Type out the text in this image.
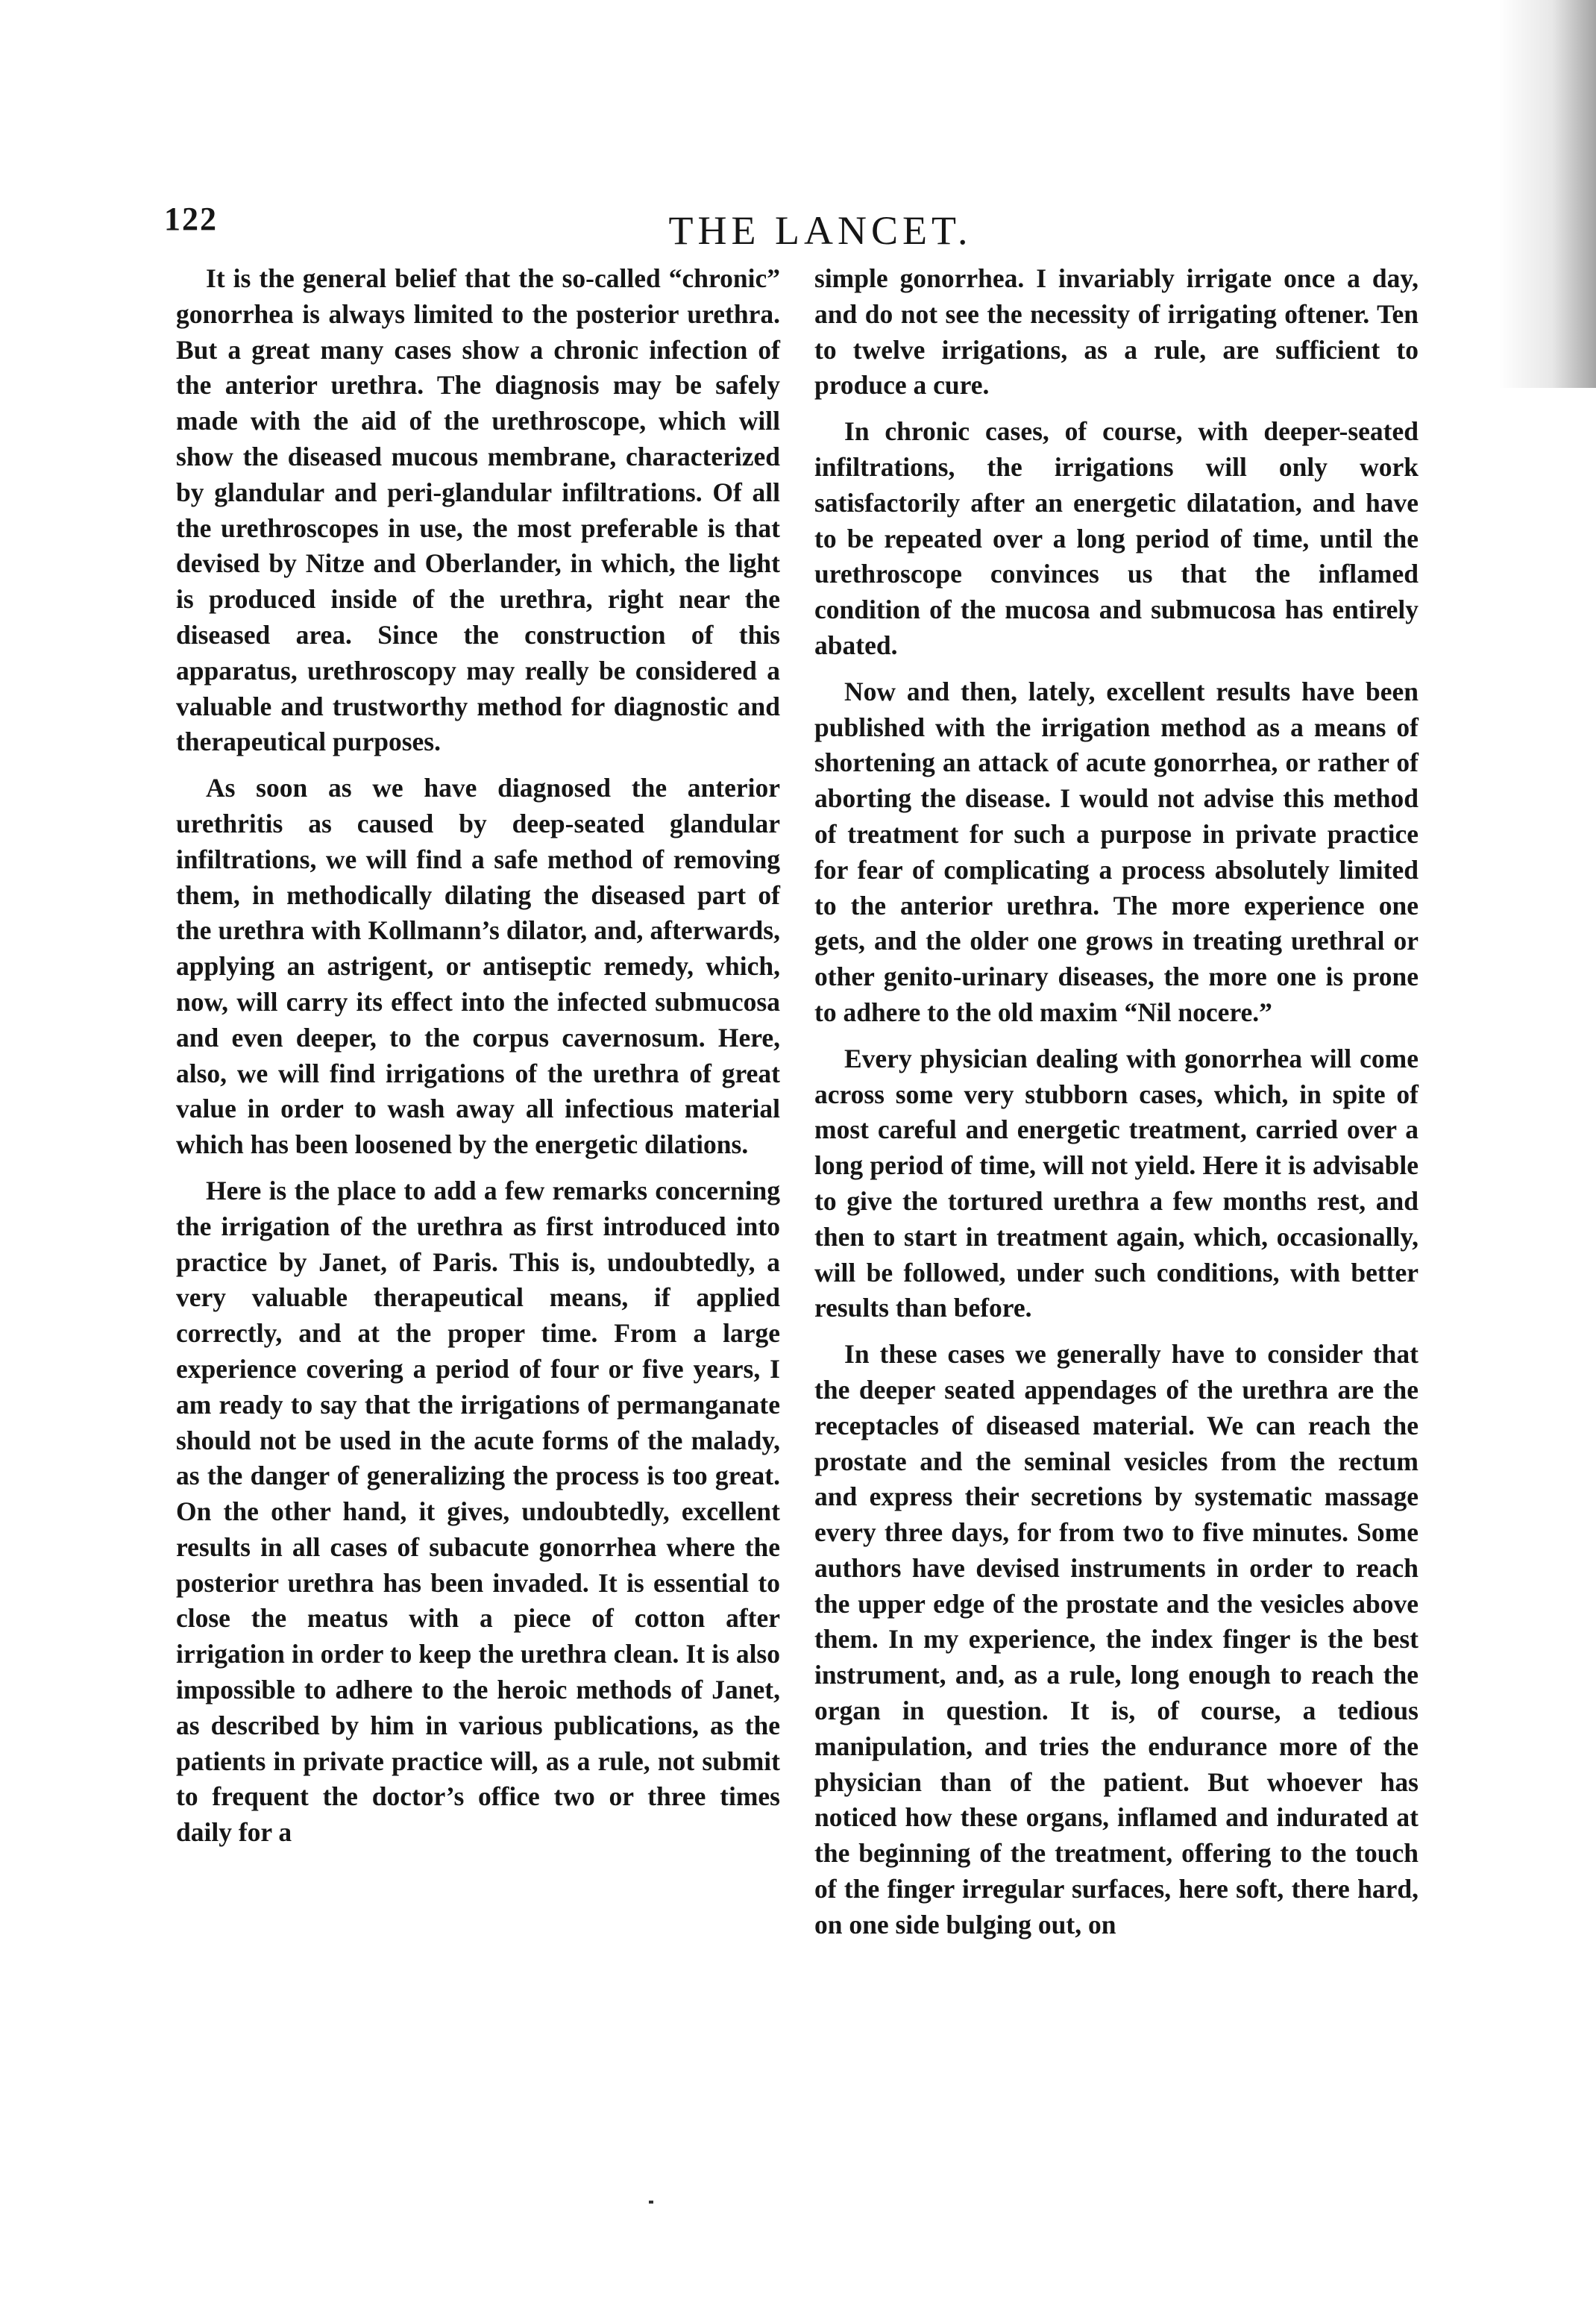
122	THE LANCET.

It is the general belief that the so-called “chronic” gonorrhea is always limited to the posterior urethra. But a great many cases show a chronic infection of the anterior urethra. The diagnosis may be safely made with the aid of the urethroscope, which will show the diseased mucous membrane, characterized by glandular and peri-glandular infiltrations. Of all the urethroscopes in use, the most preferable is that devised by Nitze and Oberlander, in which, the light is produced inside of the urethra, right near the diseased area. Since the construction of this apparatus, urethroscopy may really be considered a valuable and trustworthy method for diagnostic and therapeutical purposes.

As soon as we have diagnosed the anterior urethritis as caused by deep-seated glandular infiltrations, we will find a safe method of removing them, in methodically dilating the diseased part of the urethra with Kollmann’s dilator, and, afterwards, applying an astrigent, or antiseptic remedy, which, now, will carry its effect into the infected submucosa and even deeper, to the corpus cavernosum. Here, also, we will find irrigations of the urethra of great value in order to wash away all infectious material which has been loosened by the energetic dilations.

Here is the place to add a few remarks concerning the irrigation of the urethra as first introduced into practice by Janet, of Paris. This is, undoubtedly, a very valuable therapeutical means, if applied correctly, and at the proper time. From a large experience covering a period of four or five years, I am ready to say that the irrigations of permanganate should not be used in the acute forms of the malady, as the danger of generalizing the process is too great. On the other hand, it gives, undoubtedly, excellent results in all cases of subacute gonorrhea where the posterior urethra has been invaded. It is essential to close the meatus with a piece of cotton after irrigation in order to keep the urethra clean. It is also impossible to adhere to the heroic methods of Janet, as described by him in various publications, as the patients in private practice will, as a rule, not submit to frequent the doctor’s office two or three times daily for a

simple gonorrhea. I invariably irrigate once a day, and do not see the necessity of irrigating oftener. Ten to twelve irrigations, as a rule, are sufficient to produce a cure.

In chronic cases, of course, with deeper-seated infiltrations, the irrigations will only work satisfactorily after an energetic dilatation, and have to be repeated over a long period of time, until the urethroscope convinces us that the inflamed condition of the mucosa and submucosa has entirely abated.

Now and then, lately, excellent results have been published with the irrigation method as a means of shortening an attack of acute gonorrhea, or rather of aborting the disease. I would not advise this method of treatment for such a purpose in private practice for fear of complicating a process absolutely limited to the anterior urethra. The more experience one gets, and the older one grows in treating urethral or other genito-urinary diseases, the more one is prone to adhere to the old maxim “Nil nocere.”

Every physician dealing with gonorrhea will come across some very stubborn cases, which, in spite of most careful and energetic treatment, carried over a long period of time, will not yield. Here it is advisable to give the tortured urethra a few months rest, and then to start in treatment again, which, occasionally, will be followed, under such conditions, with better results than before.

In these cases we generally have to consider that the deeper seated appendages of the urethra are the receptacles of diseased material. We can reach the prostate and the seminal vesicles from the rectum and express their secretions by systematic massage every three days, for from two to five minutes. Some authors have devised instruments in order to reach the upper edge of the prostate and the vesicles above them. In my experience, the index finger is the best instrument, and, as a rule, long enough to reach the organ in question. It is, of course, a tedious manipulation, and tries the endurance more of the physician than of the patient. But whoever has noticed how these organs, inflamed and indurated at the beginning of the treatment, offering to the touch of the finger irregular surfaces, here soft, there hard, on one side bulging out, on
